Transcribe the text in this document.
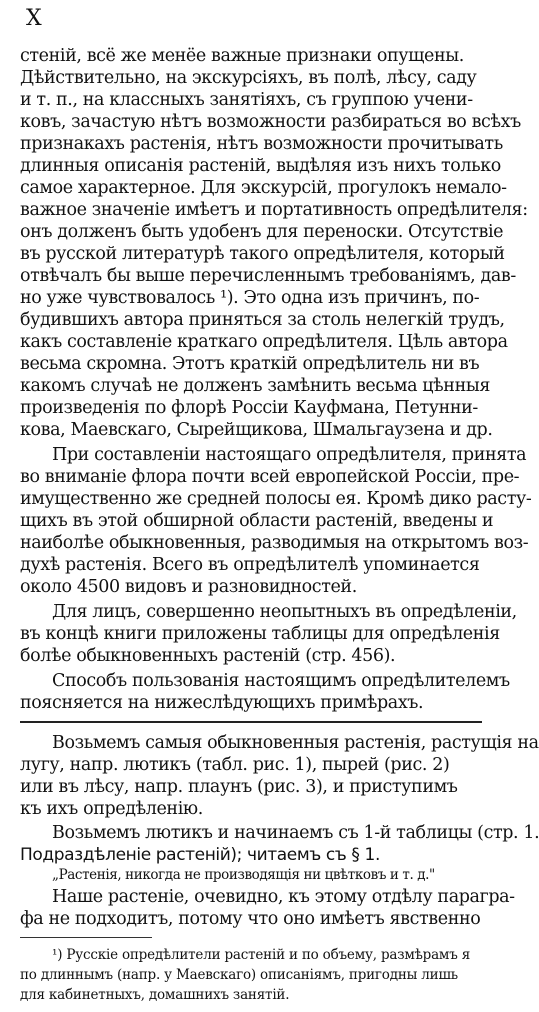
X
стеній, всё же менёе важные признаки опущены.
Дѣйствительно, на экскурсіяхъ, въ полѣ, лѣсу, саду
и т. п., на классныхъ занятіяхъ, съ группою учени-
ковъ, зачастую нѣтъ возможности разбираться во всѣхъ
признакахъ растенія, нѣтъ возможности прочитывать
длинныя описанія растеній, выдѣляя изъ нихъ только
самое характерное. Для экскурсій, прогулокъ немало-
важное значеніе имѣетъ и портативность опредѣлителя:
онъ долженъ быть удобенъ для переноски. Отсутствіе
въ русской литературѣ такого опредѣлителя, который
отвѣчалъ бы выше перечисленнымъ требованіямъ, дав-
но уже чувствовалось ¹). Это одна изъ причинъ, по-
будившихъ автора приняться за столь нелегкій трудъ,
какъ составленіе краткаго опредѣлителя. Цѣль автора
весьма скромна. Этотъ краткій опредѣлитель ни въ
какомъ случаѣ не долженъ замѣнить весьма цѣнныя
произведенія по флорѣ Россіи Кауфмана, Петунни-
кова, Маевскаго, Сырейщикова, Шмальгаузена и др.
При составленіи настоящаго опредѣлителя, принята
во вниманіе флора почти всей европейской Россіи, пре-
имущественно же средней полосы ея. Кромѣ дико расту-
щихъ въ этой обширной области растеній, введены и
наиболѣе обыкновенныя, разводимыя на открытомъ воз-
духѣ растенія. Всего въ опредѣлителѣ упоминается
около 4500 видовъ и разновидностей.
Для лицъ, совершенно неопытныхъ въ опредѣленіи,
въ концѣ книги приложены таблицы для опредѣленія
болѣе обыкновенныхъ растеній (стр. 456).
Способъ пользованія настоящимъ опредѣлителемъ
поясняется на нижеслѣдующихъ примѣрахъ.
Возьмемъ самыя обыкновенныя растенія, растущія на
лугу, напр. лютикъ (табл. рис. 1), пырей (рис. 2)
или въ лѣсу, напр. плаунъ (рис. 3), и приступимъ
къ ихъ опредѣленію.
Возьмемъ лютикъ и начинаемъ съ 1-й таблицы (стр. 1.
Подраздѣленіе растеній); читаемъ съ § 1.
„Растенія, никогда не производящія ни цвѣтковъ и т. д."
Наше растеніе, очевидно, къ этому отдѣлу парагра-
фа не подходитъ, потому что оно имѣетъ явственно
¹) Русскіе опредѣлители растеній и по объему, размѣрамъ я
по длиннымъ (напр. у Маевскаго) описаніямъ, пригодны лишь
для кабинетныхъ, домашнихъ занятій.
